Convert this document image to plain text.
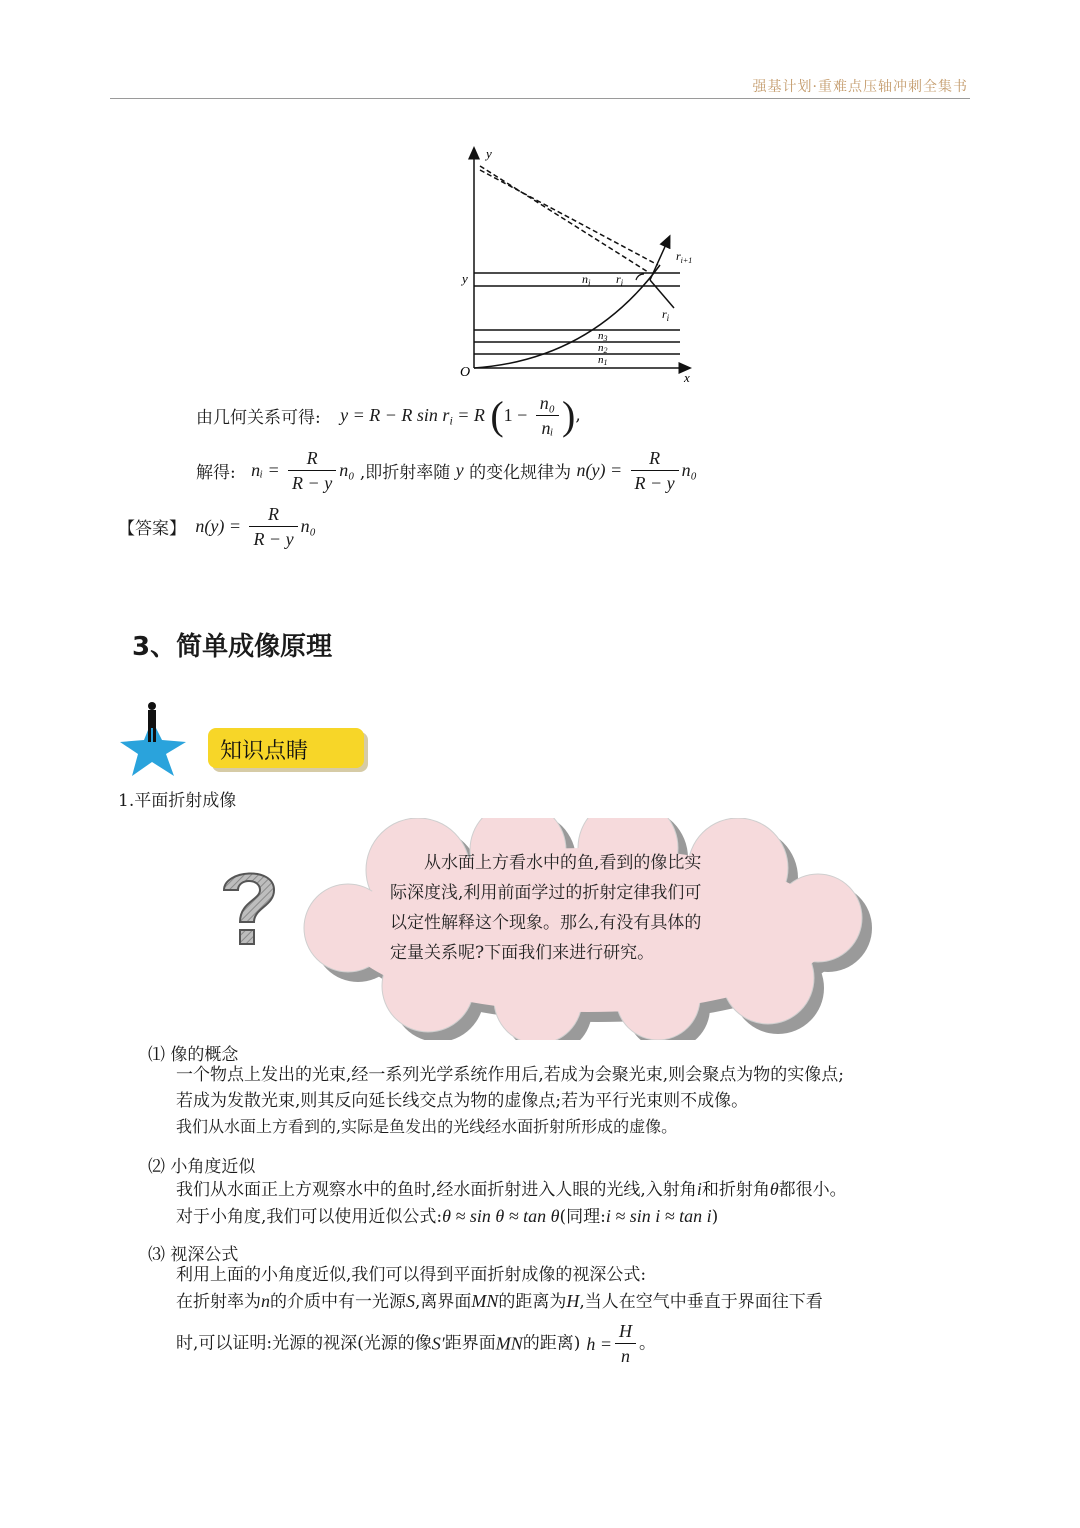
强基计划·重难点压轴冲刺全集书
y
x
O
y	$n_i$ $r_i$
$r_{i+1}$
$r_i$
n3
n2
n1
由几何关系可得: y = R − R $\sin r_i = R$ ($1 - \frac{\text{n₀}}{\text{nᵢ}}$ ),
解得: nᵢ = $\frac{R}{R - y} n_0$ ,即折射率随 y 的变化规律为 $n(y) = \frac{R}{R - y} n_0$
【答案】 $n(y) = \frac{R}{R - y} n_0$
3、简单成像原理
知识点睛
1.平面折射成像
从水面上方看水中的鱼,看到的像比实
际深度浅,利用前面学过的折射定律我们可
以定性解释这个现象。那么,有没有具体的
定量关系呢?下面我们来进行研究。
⑴ 像的概念
一个物点上发出的光束,经一系列光学系统作用后,若成为会聚光束,则会聚点为物的实像点;
若成为发散光束,则其反向延长线交点为物的虚像点;若为平行光束则不成像。
我们从水面上方看到的,实际是鱼发出的光线经水面折射所形成的虚像。
⑵ 小角度近似
我们从水面正上方观察水中的鱼时,经水面折射进入人眼的光线,入射角i和折射角θ都很小。
对于小角度,我们可以使用近似公式:θ ≈ sin θ ≈ tan θ(同理:i ≈ sin i ≈ tan i)
⑶ 视深公式
利用上面的小角度近似,我们可以得到平面折射成像的视深公式:
在折射率为n的介质中有一光源S,离界面MN的距离为H,当人在空气中垂直于界面往下看
时,可以证明:光源的视深(光源的像S′距界面MN的距离) $h = \frac{H}{n}$ 。
